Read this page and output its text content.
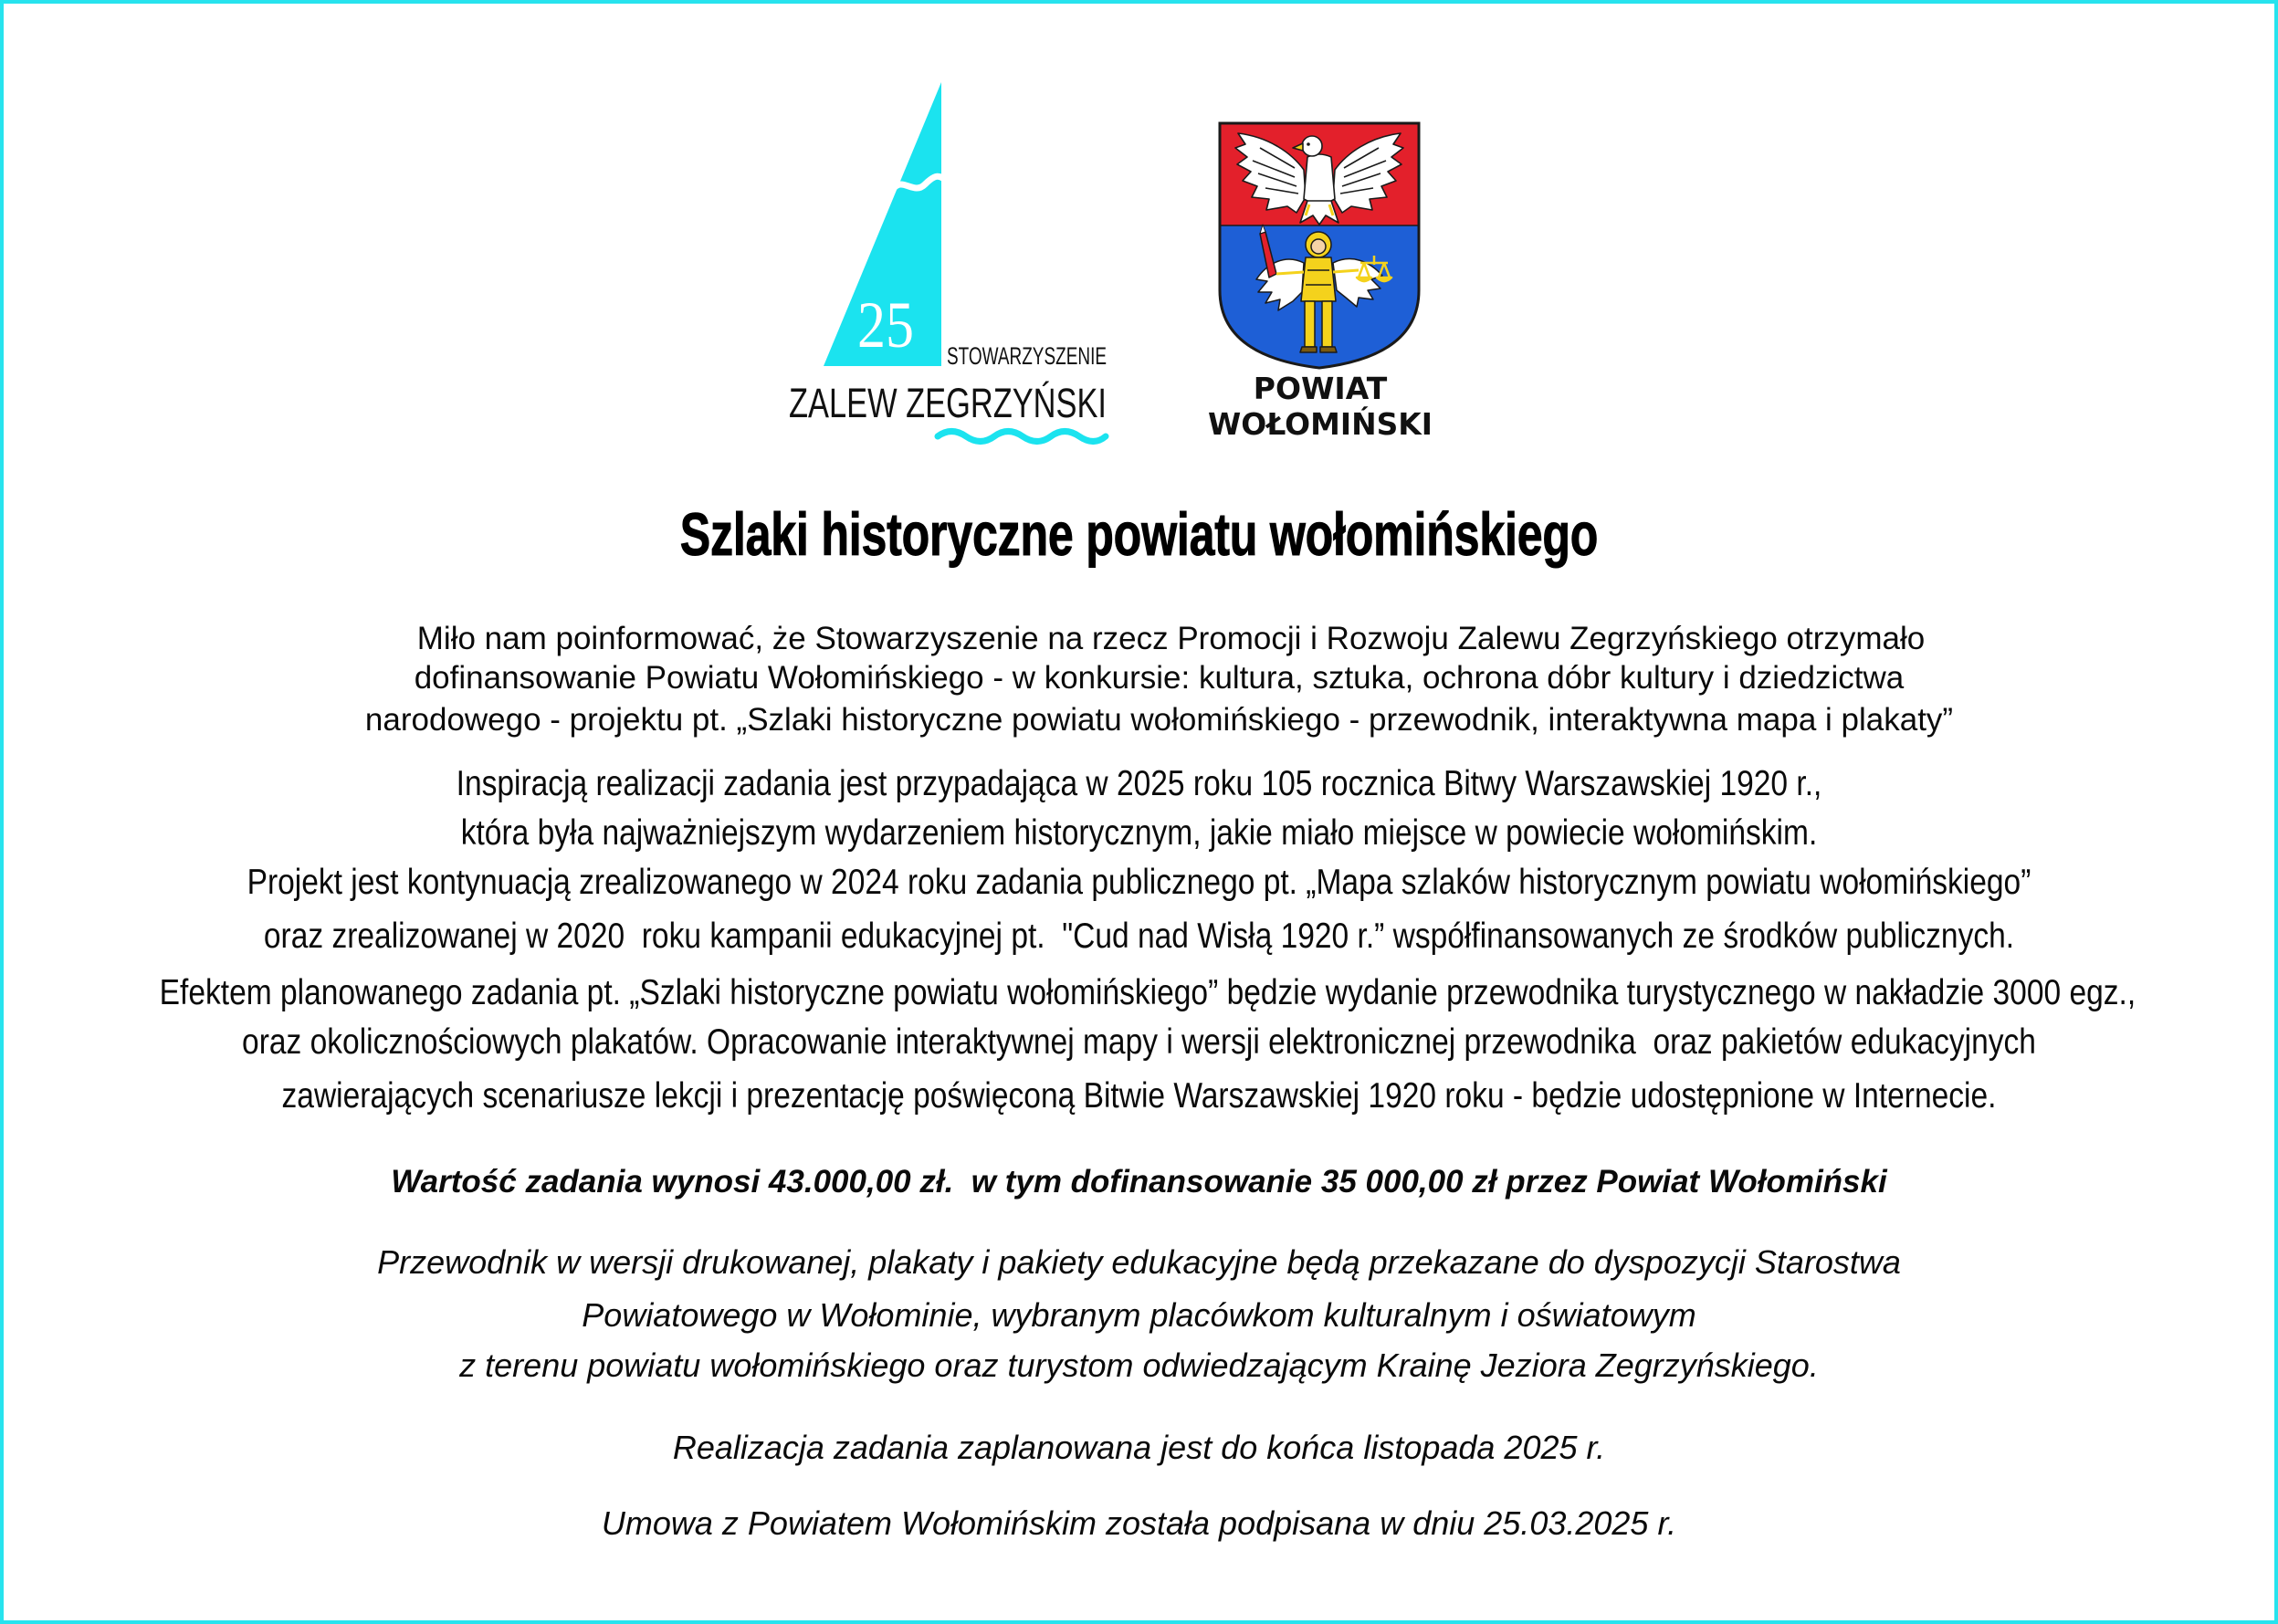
25 STOWARZYSZENIE
ZALEW ZEGRZYŃSKI	POWIAT
WOŁOMIŃSKI
Szlaki historyczne powiatu wołomińskiego
Miło nam poinformować, że Stowarzyszenie na rzecz Promocji i Rozwoju Zalewu Zegrzyńskiego otrzymało
dofinansowanie Powiatu Wołomińskiego - w konkursie: kultura, sztuka, ochrona dóbr kultury i dziedzictwa
narodowego - projektu pt. „Szlaki historyczne powiatu wołomińskiego - przewodnik, interaktywna mapa i plakaty”
Inspiracją realizacji zadania jest przypadająca w 2025 roku 105 rocznica Bitwy Warszawskiej 1920 r.,
która była najważniejszym wydarzeniem historycznym, jakie miało miejsce w powiecie wołomińskim.
Projekt jest kontynuacją zrealizowanego w 2024 roku zadania publicznego pt. „Mapa szlaków historycznym powiatu wołomińskiego”
oraz zrealizowanej w 2020  roku kampanii edukacyjnej pt.  "Cud nad Wisłą 1920 r.” współfinansowanych ze środków publicznych.
Efektem planowanego zadania pt. „Szlaki historyczne powiatu wołomińskiego” będzie wydanie przewodnika turystycznego w nakładzie 3000 egz.,
oraz okolicznościowych plakatów. Opracowanie interaktywnej mapy i wersji elektronicznej przewodnika  oraz pakietów edukacyjnych
zawierających scenariusze lekcji i prezentację poświęconą Bitwie Warszawskiej 1920 roku - będzie udostępnione w Internecie.
Wartość zadania wynosi 43.000,00 zł.  w tym dofinansowanie 35 000,00 zł przez Powiat Wołomiński
Przewodnik w wersji drukowanej, plakaty i pakiety edukacyjne będą przekazane do dyspozycji Starostwa
Powiatowego w Wołominie, wybranym placówkom kulturalnym i oświatowym
z terenu powiatu wołomińskiego oraz turystom odwiedzającym Krainę Jeziora Zegrzyńskiego.
Realizacja zadania zaplanowana jest do końca listopada 2025 r.
Umowa z Powiatem Wołomińskim została podpisana w dniu 25.03.2025 r.
